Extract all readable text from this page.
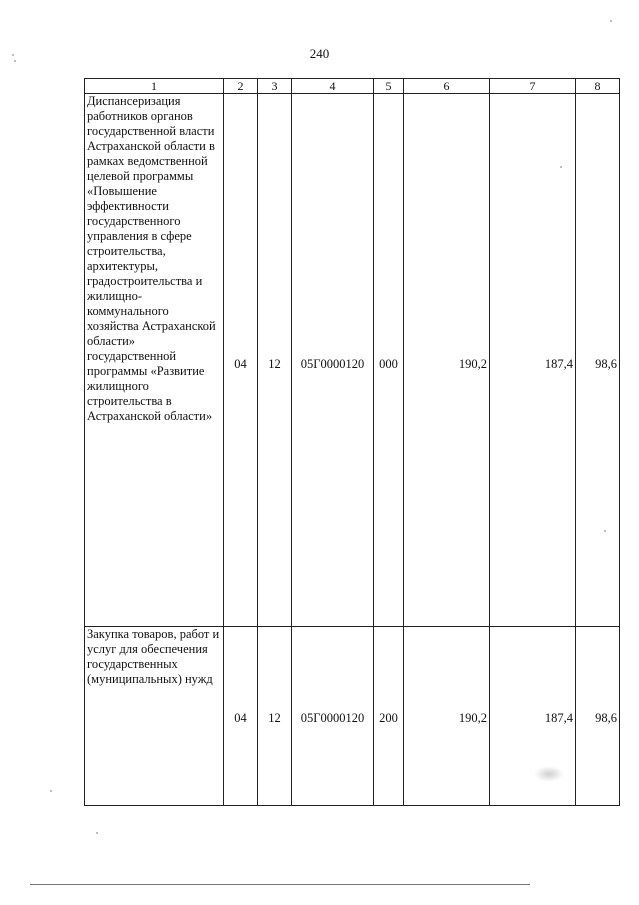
240
1	2	3	4	5	6	7	8
Диспансеризация работников органов государственной власти Астраханской области в рамках ведомственной целевой программы «Повышение эффективности государственного управления в сфере строительства, архитектуры, градостроительства и жилищно-коммунального хозяйства Астраханской области» государственной программы «Развитие жилищного строительства в Астраханской области»	04	12	05Г0000120	000	190,2	187,4	98,6

Закупка товаров, работ и услуг для обеспечения государственных (муниципальных) нужд	04	12	05Г0000120	200	190,2	187,4	98,6
